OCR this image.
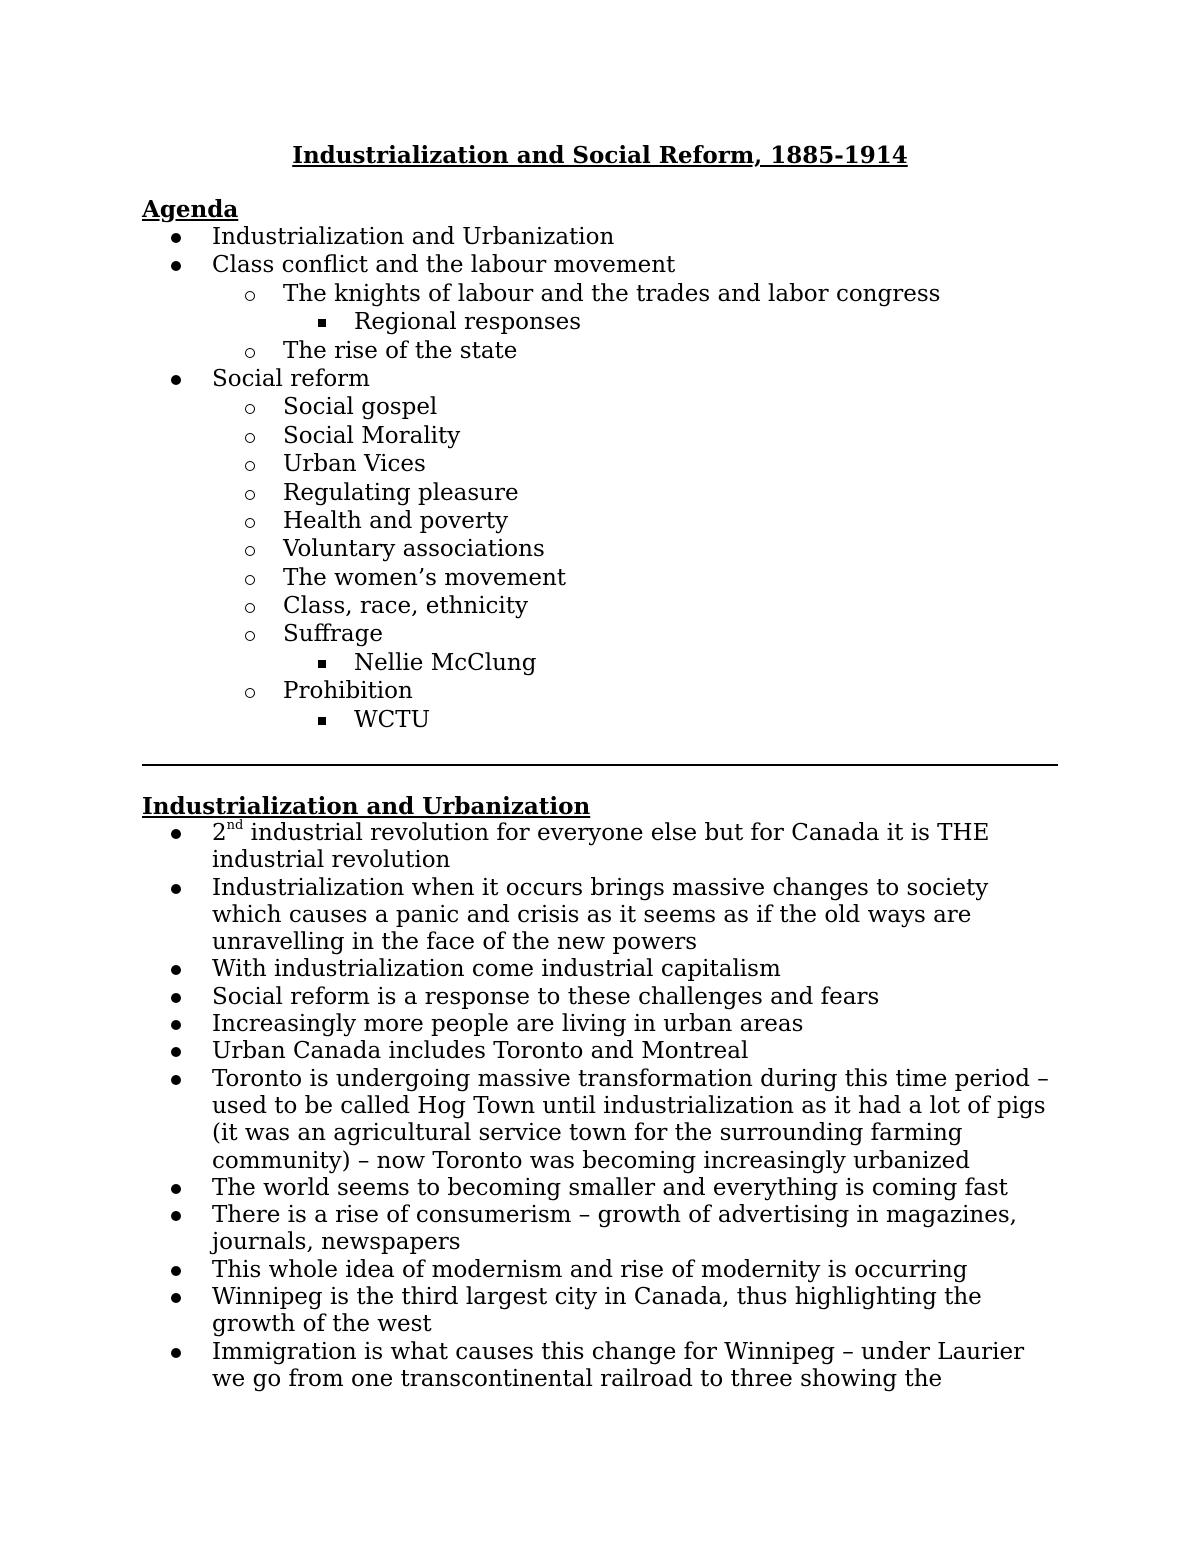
Industrialization and Social Reform, 1885-1914
Agenda
Industrialization and Urbanization
Class conflict and the labour movement
The knights of labour and the trades and labor congress
Regional responses
The rise of the state
Social reform
Social gospel
Social Morality
Urban Vices
Regulating pleasure
Health and poverty
Voluntary associations
The women’s movement
Class, race, ethnicity
Suffrage
Nellie McClung
Prohibition
WCTU
Industrialization and Urbanization
2nd industrial revolution for everyone else but for Canada it is THE industrial revolution
Industrialization when it occurs brings massive changes to society which causes a panic and crisis as it seems as if the old ways are unravelling in the face of the new powers
With industrialization come industrial capitalism
Social reform is a response to these challenges and fears
Increasingly more people are living in urban areas
Urban Canada includes Toronto and Montreal
Toronto is undergoing massive transformation during this time period – used to be called Hog Town until industrialization as it had a lot of pigs (it was an agricultural service town for the surrounding farming community) – now Toronto was becoming increasingly urbanized
The world seems to becoming smaller and everything is coming fast
There is a rise of consumerism – growth of advertising in magazines, journals, newspapers
This whole idea of modernism and rise of modernity is occurring
Winnipeg is the third largest city in Canada, thus highlighting the growth of the west
Immigration is what causes this change for Winnipeg – under Laurier we go from one transcontinental railroad to three showing the
